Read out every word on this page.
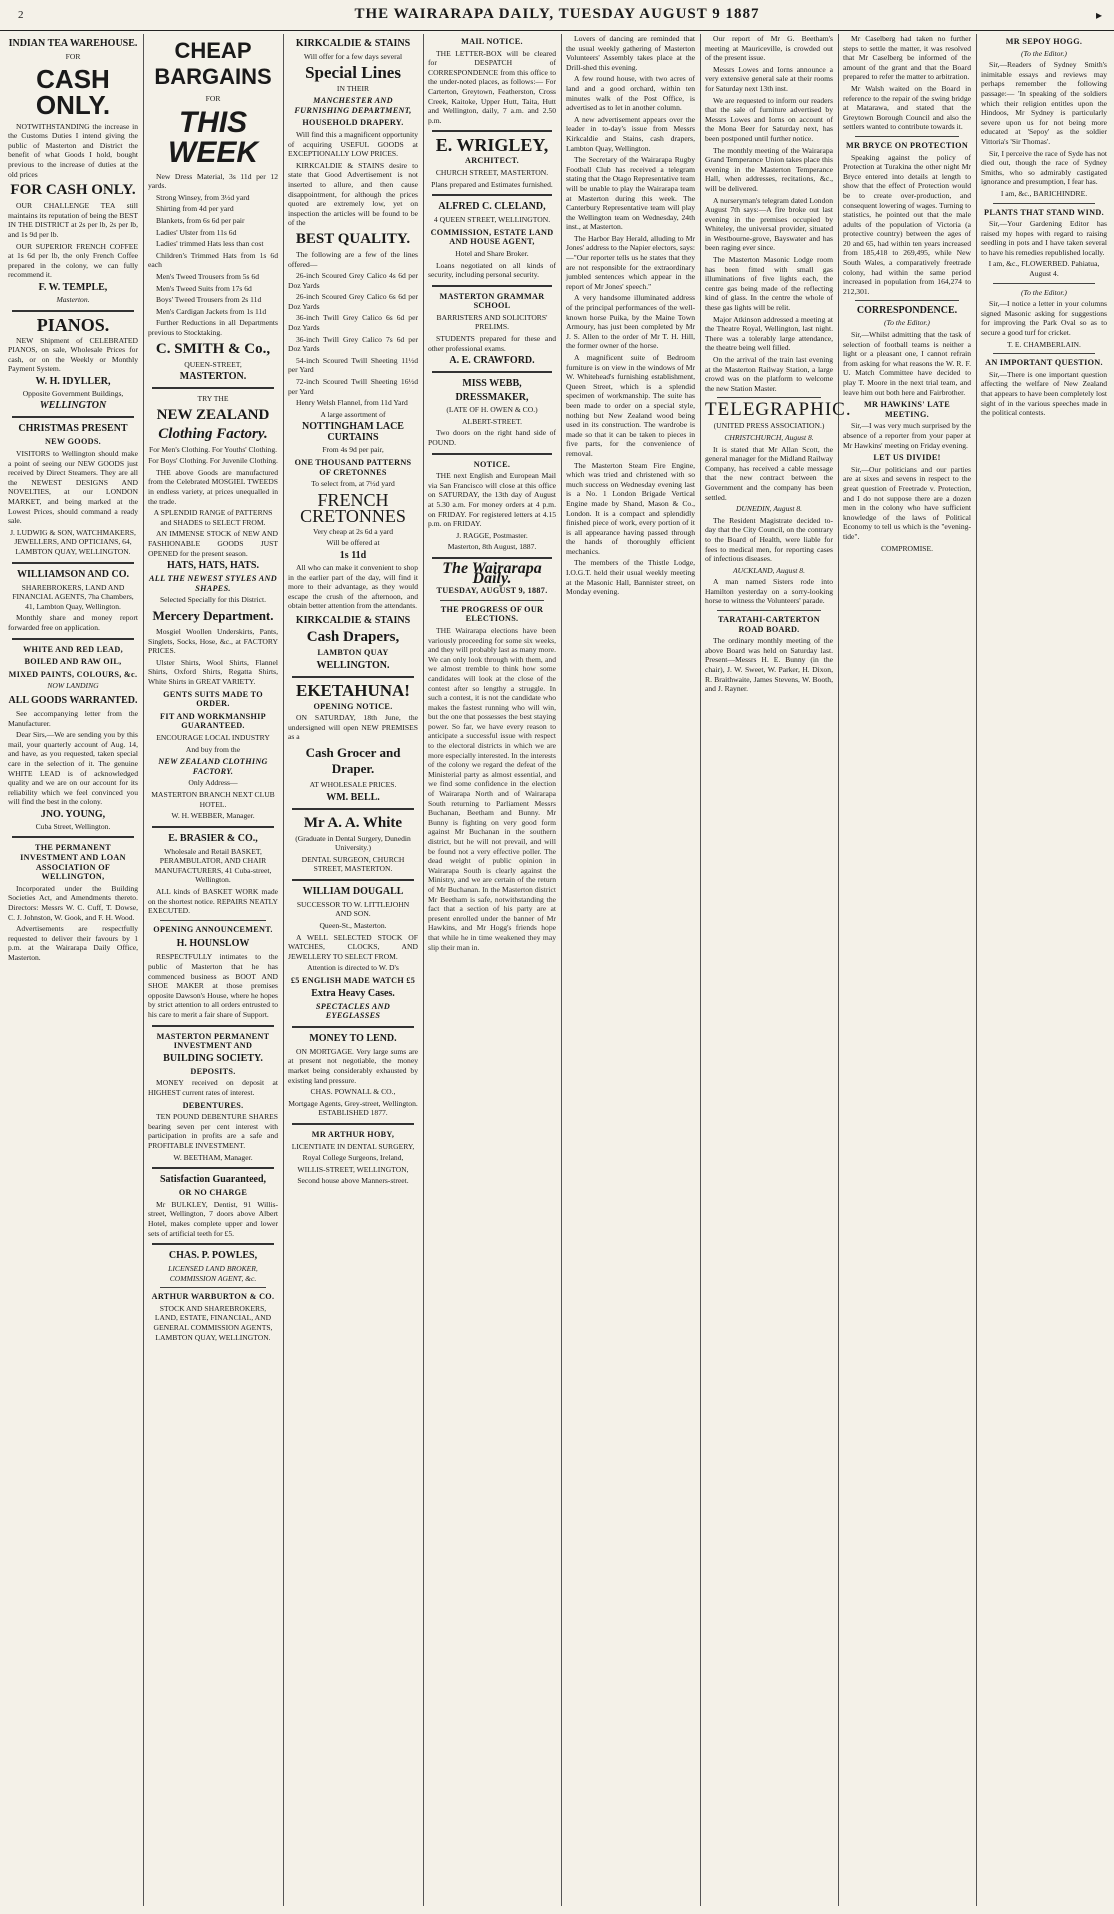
2	THE WAIRARAPA DAILY, TUESDAY AUGUST 9 1887	▸
INDIAN TEA WAREHOUSE.
FOR
CASH ONLY.

NOTWITHSTANDING the increase in the Customs Duties I intend giving the public of Masterton and District the benefit of what Goods I hold, bought previous to the increase of duties at the old prices

FOR CASH ONLY.

OUR CHALLENGE TEA still maintains its reputation of being the BEST IN THE DISTRICT at 2s per lb, 2s per lb, and 1s 9d per lb.

OUR SUPERIOR FRENCH COFFEE at 1s 6d per lb, the only French Coffee prepared in the colony, we can fully recommend it.

F. W. TEMPLE,
Masterton.
PIANOS.

NEW Shipment of CELEBRATED PIANOS, on sale, Wholesale Prices for cash, or on the Weekly or Monthly Payment System.

W. H. IDYLLER,
Opposite Government Buildings,
WELLINGTON
CHRISTMAS PRESENT
NEW GOODS.

VISITORS to Wellington should make a point of seeing our NEW GOODS just received by Direct Steamers. They are all the NEWEST DESIGNS AND NOVELTIES, at our LONDON MARKET, and being marked at the Lowest Prices, should command a ready sale.

J. LUDWIG & SON, WATCHMAKERS, JEWELLERS, AND OPTICIANS, 64, LAMBTON QUAY, WELLINGTON.

WILLIAMSON AND CO.

SHAREBROKERS, LAND AND FINANCIAL AGENTS, 7ha Chambers, 41, Lambton Quay, Wellington.

Monthly share and money report forwarded free on application.

WHITE AND RED LEAD,
BOILED AND RAW OIL,
MIXED PAINTS, COLOURS, &c.
NOW LANDING
ALL GOODS WARRANTED.

See accompanying letter from the Manufacturer.

Dear Sirs,—We are sending you by this mail, your quarterly account of Aug. 14, and have, as you requested, taken special care in the selection of it. The genuine WHITE LEAD is of acknowledged quality and we are on our account for its reliability which we feel convinced you will find the best in the colony.

JNO. YOUNG,
Cuba Street, Wellington.
THE PERMANENT INVESTMENT AND LOAN ASSOCIATION OF WELLINGTON,

Incorporated under the Building Societies Act, and Amendments thereto. Directors: Messrs W. C. Cuff, T. Dowse, C. J. Johnston, W. Gook, and F. H. Wood.

Advertisements are respectfully requested to deliver their favours by 1 p.m. at the Wairarapa Daily Office, Masterton.

CHEAP BARGAINS
FOR
THIS WEEK

New Dress Material, 3s 11d per 12 yards.

Strong Winsey, from 3½d yard

Shirting from 4d per yard

Blankets, from 6s 6d per pair

Ladies' Ulster from 11s 6d

Ladies' trimmed Hats less than cost

Children's Trimmed Hats from 1s 6d each

Men's Tweed Trousers from 5s 6d

Men's Tweed Suits from 17s 6d

Boys' Tweed Trousers from 2s 11d

Men's Cardigan Jackets from 1s 11d

Further Reductions in all Departments previous to Stocktaking.

C. SMITH & Co.,
QUEEN-STREET,
MASTERTON.
TRY THE
NEW ZEALAND
Clothing Factory.

For Men's Clothing. For Youths' Clothing.

For Boys' Clothing. For Juvenile Clothing.

THE above Goods are manufactured from the Celebrated MOSGIEL TWEEDS in endless variety, at prices unequalled in the trade.

A SPLENDID RANGE of PATTERNS and SHADES to SELECT FROM.

AN IMMENSE STOCK of NEW AND FASHIONABLE GOODS JUST OPENED for the present season.

HATS, HATS, HATS.
ALL THE NEWEST STYLES AND SHAPES.

Selected Specially for this District.

Mercery Department.

Mosgiel Woollen Underskirts, Pants, Singlets, Socks, Hose, &c., at FACTORY PRICES.

Ulster Shirts, Wool Shirts, Flannel Shirts, Oxford Shirts, Regatta Shirts, White Shirts in GREAT VARIETY.

GENTS SUITS MADE TO ORDER.
FIT AND WORKMANSHIP GUARANTEED.

ENCOURAGE LOCAL INDUSTRY

And buy from the

NEW ZEALAND CLOTHING FACTORY.

Only Address—

MASTERTON BRANCH NEXT CLUB HOTEL.

W. H. WEBBER, Manager.

E. BRASIER & CO.,

Wholesale and Retail BASKET, PERAMBULATOR, AND CHAIR MANUFACTURERS, 41 Cuba-street, Wellington.

ALL kinds of BASKET WORK made on the shortest notice. REPAIRS NEATLY EXECUTED.

OPENING ANNOUNCEMENT.
H. HOUNSLOW

RESPECTFULLY intimates to the public of Masterton that he has commenced business as BOOT AND SHOE MAKER at those premises opposite Dawson's House, where he hopes by strict attention to all orders entrusted to his care to merit a fair share of Support.

MASTERTON PERMANENT INVESTMENT AND
BUILDING SOCIETY.
DEPOSITS.

MONEY received on deposit at HIGHEST current rates of interest.

DEBENTURES.

TEN POUND DEBENTURE SHARES bearing seven per cent interest with participation in profits are a safe and PROFITABLE INVESTMENT.

W. BEETHAM, Manager.

Satisfaction Guaranteed,
OR NO CHARGE

Mr BULKLEY, Dentist, 91 Willis-street, Wellington, 7 doors above Albert Hotel, makes complete upper and lower sets of artificial teeth for £5.

CHAS. P. POWLES,

LICENSED LAND BROKER, COMMISSION AGENT, &c.

ARTHUR WARBURTON & CO.

STOCK AND SHAREBROKERS, LAND, ESTATE, FINANCIAL, AND GENERAL COMMISSION AGENTS, LAMBTON QUAY, WELLINGTON.

KIRKCALDIE & STAINS

Will offer for a few days several

Special Lines

IN THEIR

MANCHESTER AND FURNISHING DEPARTMENT,
HOUSEHOLD DRAPERY.

Will find this a magnificent opportunity of acquiring USEFUL GOODS at EXCEPTIONALLY LOW PRICES.

KIRKCALDIE & STAINS desire to state that Good Advertisement is not inserted to allure, and then cause disappointment, for although the prices quoted are extremely low, yet on inspection the articles will be found to be of the

BEST QUALITY.

The following are a few of the lines offered—

26-inch Scoured Grey Calico 4s 6d per Doz Yards

26-inch Scoured Grey Calico 6s 6d per Doz Yards

36-inch Twill Grey Calico 6s 6d per Doz Yards

36-inch Twill Grey Calico 7s 6d per Doz Yards

54-inch Scoured Twill Sheeting 11½d per Yard

72-inch Scoured Twill Sheeting 16½d per Yard

Henry Welsh Flannel, from 11d Yard

A large assortment of

NOTTINGHAM LACE CURTAINS

From 4s 9d per pair,

ONE THOUSAND PATTERNS OF CRETONNES

To select from, at 7½d yard

FRENCH CRETONNES

Very cheap at 2s 6d a yard

Will be offered at

1s 11d

All who can make it convenient to shop in the earlier part of the day, will find it more to their advantage, as they would escape the crush of the afternoon, and obtain better attention from the attendants.

KIRKCALDIE & STAINS
Cash Drapers,
LAMBTON QUAY
WELLINGTON.
EKETAHUNA!
OPENING NOTICE.

ON SATURDAY, 18th June, the undersigned will open NEW PREMISES as a

Cash Grocer and Draper.

AT WHOLESALE PRICES.

WM. BELL.
Mr A. A. White

(Graduate in Dental Surgery, Dunedin University.)

DENTAL SURGEON, CHURCH STREET, MASTERTON.

WILLIAM DOUGALL

SUCCESSOR TO W. LITTLEJOHN AND SON.

Queen-St., Masterton.

A WELL SELECTED STOCK OF WATCHES, CLOCKS, AND JEWELLERY TO SELECT FROM.

Attention is directed to W. D's

£5 ENGLISH MADE WATCH £5
Extra Heavy Cases.
SPECTACLES AND EYEGLASSES
MONEY TO LEND.

ON MORTGAGE. Very large sums are at present not negotiable, the money market being considerably exhausted by existing land pressure.

CHAS. POWNALL & CO.,

Mortgage Agents, Grey-street, Wellington. ESTABLISHED 1877.

MR ARTHUR HOBY,

LICENTIATE IN DENTAL SURGERY,

Royal College Surgeons, Ireland,

WILLIS-STREET, WELLINGTON,

Second house above Manners-street.

MAIL NOTICE.

THE LETTER-BOX will be cleared for DESPATCH of CORRESPONDENCE from this office to the under-noted places, as follows:— For Carterton, Greytown, Featherston, Cross Creek, Kaitoke, Upper Hutt, Taita, Hutt and Wellington, daily, 7 a.m. and 2.50 p.m.

E. WRIGLEY,
ARCHITECT.

CHURCH STREET, MASTERTON.

Plans prepared and Estimates furnished.

ALFRED C. CLELAND,

4 QUEEN STREET, WELLINGTON.

COMMISSION, ESTATE LAND AND HOUSE AGENT,

Hotel and Share Broker.

Loans negotiated on all kinds of security, including personal security.

MASTERTON GRAMMAR SCHOOL

BARRISTERS AND SOLICITORS' PRELIMS.

STUDENTS prepared for these and other professional exams.

A. E. CRAWFORD.
MISS WEBB,
DRESSMAKER,

(LATE OF H. OWEN & CO.)

ALBERT-STREET.

Two doors on the right hand side of POUND.

NOTICE.

THE next English and European Mail via San Francisco will close at this office on SATURDAY, the 13th day of August at 5.30 a.m. For money orders at 4 p.m. on FRIDAY. For registered letters at 4.15 p.m. on FRIDAY.

J. RAGGE, Postmaster.

Masterton, 8th August, 1887.

The Wairarapa Daily.
TUESDAY, AUGUST 9, 1887.
THE PROGRESS OF OUR ELECTIONS.

THE Wairarapa elections have been variously proceeding for some six weeks, and they will probably last as many more. We can only look through with them, and we almost tremble to think how some candidates will look at the close of the contest after so lengthy a struggle. In such a contest, it is not the candidate who makes the fastest running who will win, but the one that possesses the best staying power. So far, we have every reason to anticipate a successful issue with respect to the electoral districts in which we are more especially interested. In the interests of the colony we regard the defeat of the Ministerial party as almost essential, and we find some confidence in the election of Wairarapa North and of Wairarapa South returning to Parliament Messrs Buchanan, Beetham and Bunny. Mr Bunny is fighting on very good form against Mr Buchanan in the southern district, but he will not prevail, and will be found not a very effective poller. The dead weight of public opinion in Wairarapa South is clearly against the Ministry, and we are certain of the return of Mr Buchanan. In the Masterton district Mr Beetham is safe, notwithstanding the fact that a section of his party are at present enrolled under the banner of Mr Hawkins, and Mr Hogg's friends hope that while he in time weakened they may slip their man in.

Lovers of dancing are reminded that the usual weekly gathering of Masterton Volunteers' Assembly takes place at the Drill-shed this evening.

A few round house, with two acres of land and a good orchard, within ten minutes walk of the Post Office, is advertised as to let in another column.

A new advertisement appears over the leader in to-day's issue from Messrs Kirkcaldie and Stains, cash drapers, Lambton Quay, Wellington.

The Secretary of the Wairarapa Rugby Football Club has received a telegram stating that the Otago Representative team will be unable to play the Wairarapa team at Masterton during this week. The Canterbury Representative team will play the Wellington team on Wednesday, 24th inst., at Masterton.

The Harbor Bay Herald, alluding to Mr Jones' address to the Napier electors, says:—"Our reporter tells us he states that they are not responsible for the extraordinary jumbled sentences which appear in the report of Mr Jones' speech."

A very handsome illuminated address of the principal performances of the well-known horse Puika, by the Maine Town Armoury, has just been completed by Mr J. S. Allen to the order of Mr T. H. Hill, the former owner of the horse.

A magnificent suite of Bedroom furniture is on view in the windows of Mr W. Whitehead's furnishing establishment, Queen Street, which is a splendid specimen of workmanship. The suite has been made to order on a special style, nothing but New Zealand wood being used in its construction. The wardrobe is made so that it can be taken to pieces in five parts, for the convenience of removal.

The Masterton Steam Fire Engine, which was tried and christened with so much success on Wednesday evening last is a No. 1 London Brigade Vertical Engine made by Shand, Mason & Co., London. It is a compact and splendidly finished piece of work, every portion of it is all appearance having passed through the hands of thoroughly efficient mechanics.

The members of the Thistle Lodge, I.O.G.T. held their usual weekly meeting at the Masonic Hall, Bannister street, on Monday evening.

Our report of Mr G. Beetham's meeting at Mauriceville, is crowded out of the present issue.

Messrs Lowes and Iorns announce a very extensive general sale at their rooms for Saturday next 13th inst.

We are requested to inform our readers that the sale of furniture advertised by Messrs Lowes and Iorns on account of the Mona Beer for Saturday next, has been postponed until further notice.

The monthly meeting of the Wairarapa Grand Temperance Union takes place this evening in the Masterton Temperance Hall, when addresses, recitations, &c., will be delivered.

A nurseryman's telegram dated London August 7th says:—A fire broke out last evening in the premises occupied by Whiteley, the universal provider, situated in Westbourne-grove, Bayswater and has been raging ever since.

The Masterton Masonic Lodge room has been fitted with small gas illuminations of five lights each, the centre gas being made of the reflecting kind of glass. In the centre the whole of these gas lights will be relit.

Major Atkinson addressed a meeting at the Theatre Royal, Wellington, last night. There was a tolerably large attendance, the theatre being well filled.

On the arrival of the train last evening at the Masterton Railway Station, a large crowd was on the platform to welcome the new Station Master.

TELEGRAPHIC.

(UNITED PRESS ASSOCIATION.)

CHRISTCHURCH, August 8.

It is stated that Mr Allan Scott, the general manager for the Midland Railway Company, has received a cable message that the new contract between the Government and the company has been settled.

DUNEDIN, August 8.

The Resident Magistrate decided to-day that the City Council, on the contrary to the Board of Health, were liable for fees to medical men, for reporting cases of infectious diseases.

AUCKLAND, August 8.

A man named Sisters rode into Hamilton yesterday on a sorry-looking horse to witness the Volunteers' parade.

TARATAHI-CARTERTON ROAD BOARD.

The ordinary monthly meeting of the above Board was held on Saturday last. Present—Messrs H. E. Bunny (in the chair), J. W. Sweet, W. Parker, H. Dixon, R. Braithwaite, James Stevens, W. Booth, and J. Rayner.

Mr Caselberg had taken no further steps to settle the matter, it was resolved that Mr Caselberg be informed of the amount of the grant and that the Board prepared to refer the matter to arbitration.

Mr Walsh waited on the Board in reference to the repair of the swing bridge at Matarawa, and stated that the Greytown Borough Council and also the settlers wanted to contribute towards it.

MR BRYCE ON PROTECTION

Speaking against the policy of Protection at Turakina the other night Mr Bryce entered into details at length to show that the effect of Protection would be to create over-production, and consequent lowering of wages. Turning to statistics, he pointed out that the male adults of the population of Victoria (a protective country) between the ages of 20 and 65, had within ten years increased from 185,418 to 269,495, while New South Wales, a comparatively freetrade colony, had within the same period increased in population from 164,274 to 212,301.

CORRESPONDENCE.

(To the Editor.)

Sir,—Whilst admitting that the task of selection of football teams is neither a light or a pleasant one, I cannot refrain from asking for what reasons the W. R. F. U. Match Committee have decided to play T. Moore in the next trial team, and leave him out both here and Fairbrother.

MR HAWKINS' LATE MEETING.

Sir,—I was very much surprised by the absence of a reporter from your paper at Mr Hawkins' meeting on Friday evening.

LET US DIVIDE!

Sir,—Our politicians and our parties are at sixes and sevens in respect to the great question of Freetrade v. Protection, and I do not suppose there are a dozen men in the colony who have sufficient knowledge of the laws of Political Economy to tell us which is the "evening-tide".

COMPROMISE.

MR SEPOY HOGG.

(To the Editor.)

Sir,—Readers of Sydney Smith's inimitable essays and reviews may perhaps remember the following passage:— 'In speaking of the soldiers which their religion entitles upon the Hindoos, Mr Sydney is particularly severe upon us for not being more educated at 'Sepoy' as the soldier Vittoria's 'Sir Thomas'.

Sir, I perceive the race of Syde has not died out, though the race of Sydney Smiths, who so admirably castigated ignorance and presumption, I fear has.

I am, &c., BARICHINDRE.

PLANTS THAT STAND WIND.

Sir,—Your Gardening Editor has raised my hopes with regard to raising seedling in pots and I have taken several to have his remedies republished locally.

I am, &c., FLOWERBED. Pahiatua, August 4.

(To the Editor.)

Sir,—I notice a letter in your columns signed Masonic asking for suggestions for improving the Park Oval so as to secure a good turf for cricket.

T. E. CHAMBERLAIN.

AN IMPORTANT QUESTION.

Sir,—There is one important question affecting the welfare of New Zealand that appears to have been completely lost sight of in the various speeches made in the political contests.
